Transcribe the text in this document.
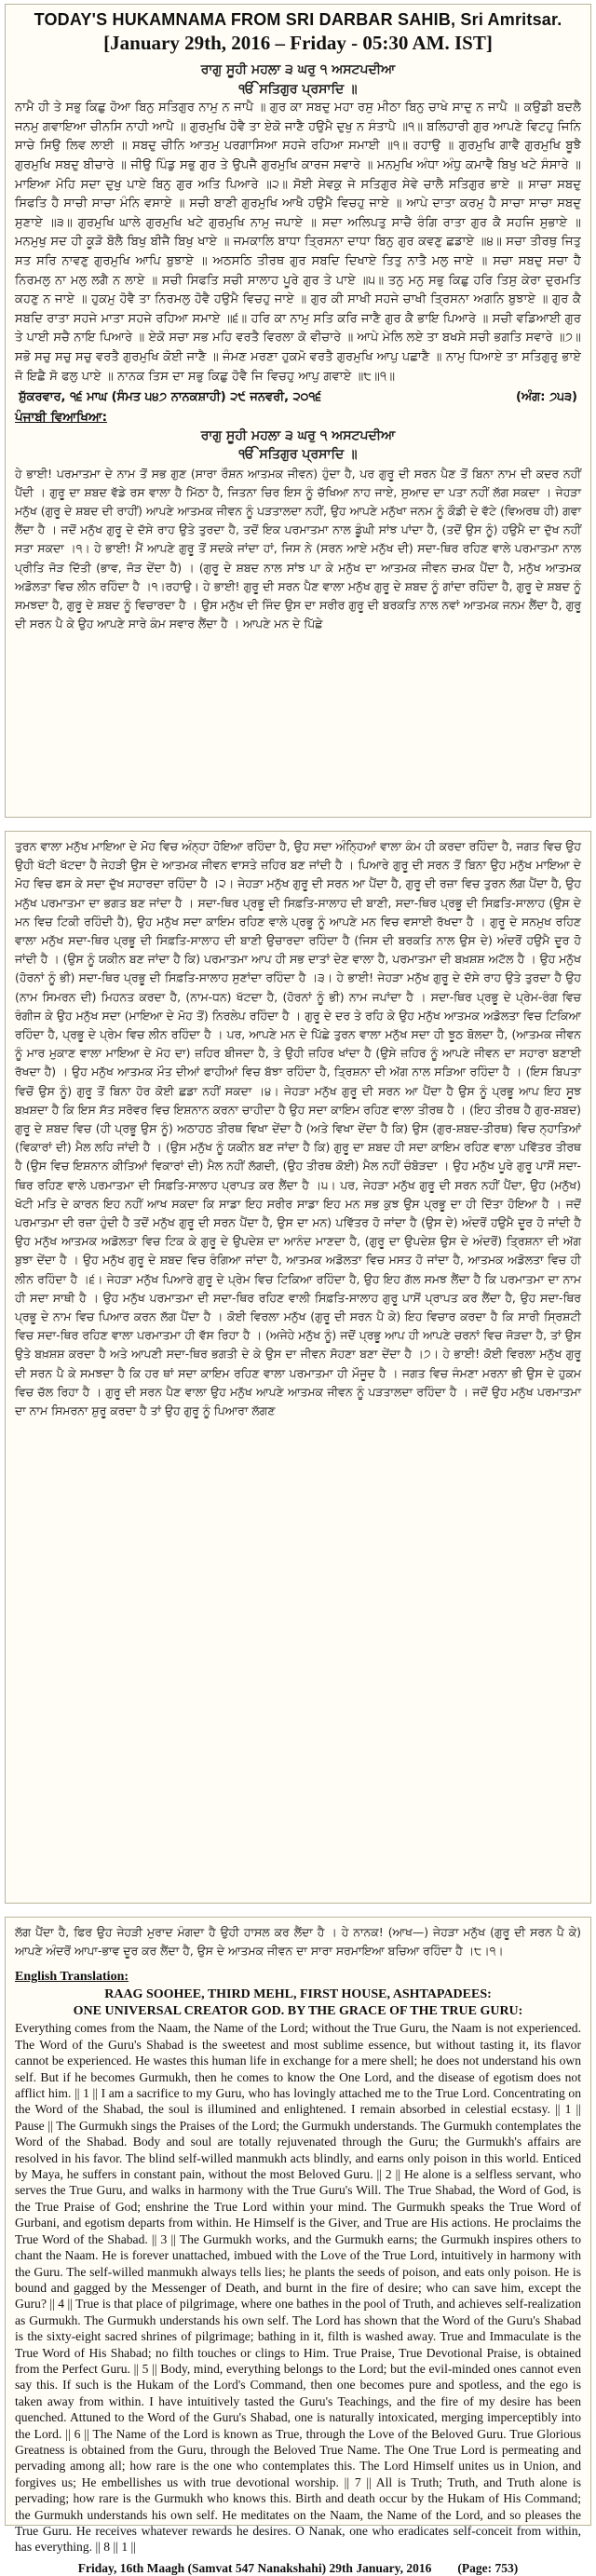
TODAY'S HUKAMNAMA FROM SRI DARBAR SAHIB, Sri Amritsar.
[January 29th, 2016 – Friday - 05:30 AM. IST]
ਰਾਗੁ ਸੂਹੀ ਮਹਲਾ ੩ ਘਰੁ ੧ ਅਸਟਪਦੀਆ
ੴ ਸਤਿਗੁਰ ਪ੍ਰਸਾਦਿ ॥
ਨਾਮੈ ਹੀ ਤੇ ਸਭੁ ਕਿਛੁ ਹੋਆ ਬਿਨੁ ਸਤਿਗੁਰ ਨਾਮੁ ਨ ਜਾਪੈ ॥ ਗੁਰ ਕਾ ਸਬਦੁ ਮਹਾ ਰਸੁ ਮੀਠਾ ਬਿਨੁ ਚਾਖੇ ਸਾਦੁ ਨ ਜਾਪੈ ॥ ਕਉਡੀ ਬਦਲੈ ਜਨਮੁ ਗਵਾਇਆ ਚੀਨਸਿ ਨਾਹੀ ਆਪੈ ॥ ਗੁਰਮੁਖਿ ਹੋਵੈ ਤਾ ਏਕੋ ਜਾਣੈ ਹਉਮੈ ਦੁਖੁ ਨ ਸੰਤਾਪੈ ॥੧॥ ਬਲਿਹਾਰੀ ਗੁਰ ਆਪਣੇ ਵਿਟਹੁ ਜਿਨਿ ਸਾਚੇ ਸਿਉ ਲਿਵ ਲਾਈ ॥ ਸਬਦੁ ਚੀਨਿ ਆਤਮੁ ਪਰਗਾਸਿਆ ਸਹਜੇ ਰਹਿਆ ਸਮਾਈ ॥੧॥ ਰਹਾਉ ॥ ਗੁਰਮੁਖਿ ਗਾਵੈ ਗੁਰਮੁਖਿ ਬੂਝੈ ਗੁਰਮੁਖਿ ਸਬਦੁ ਬੀਚਾਰੇ ॥ ਜੀਉ ਪਿੰਡੁ ਸਭੁ ਗੁਰ ਤੇ ਉਪਜੈ ਗੁਰਮੁਖਿ ਕਾਰਜ ਸਵਾਰੇ ॥ ਮਨਮੁਖਿ ਅੰਧਾ ਅੰਧੁ ਕਮਾਵੈ ਬਿਖੁ ਖਟੇ ਸੰਸਾਰੇ ॥ ਮਾਇਆ ਮੋਹਿ ਸਦਾ ਦੁਖੁ ਪਾਏ ਬਿਨੁ ਗੁਰ ਅਤਿ ਪਿਆਰੇ ॥੨॥ ਸੋਈ ਸੇਵਕੁ ਜੇ ਸਤਿਗੁਰ ਸੇਵੇ ਚਾਲੈ ਸਤਿਗੁਰ ਭਾਏ ॥ ਸਾਚਾ ਸਬਦੁ ਸਿਫਤਿ ਹੈ ਸਾਚੀ ਸਾਚਾ ਮੰਨਿ ਵਸਾਏ ॥ ਸਚੀ ਬਾਣੀ ਗੁਰਮੁਖਿ ਆਖੈ ਹਉਮੈ ਵਿਚਹੁ ਜਾਏ ॥ ਆਪੇ ਦਾਤਾ ਕਰਮੁ ਹੈ ਸਾਚਾ ਸਾਚਾ ਸਬਦੁ ਸੁਣਾਏ ॥੩॥ ਗੁਰਮੁਖਿ ਘਾਲੇ ਗੁਰਮੁਖਿ ਖਟੇ ਗੁਰਮੁਖਿ ਨਾਮੁ ਜਪਾਏ ॥ ਸਦਾ ਅਲਿਪਤੁ ਸਾਚੈ ਰੰਗਿ ਰਾਤਾ ਗੁਰ ਕੈ ਸਹਜਿ ਸੁਭਾਏ ॥ ਮਨਮੁਖੁ ਸਦ ਹੀ ਕੂੜੋ ਬੋਲੈ ਬਿਖੁ ਬੀਜੈ ਬਿਖੁ ਖਾਏ ॥ ਜਮਕਾਲਿ ਬਾਧਾ ਤ੍ਰਿਸਨਾ ਦਾਧਾ ਬਿਨੁ ਗੁਰ ਕਵਣੁ ਛਡਾਏ ॥੪॥ ਸਚਾ ਤੀਰਥੁ ਜਿਤੁ ਸਤ ਸਰਿ ਨਾਵਣੁ ਗੁਰਮੁਖਿ ਆਪਿ ਬੁਝਾਏ ॥ ਅਠਸਠਿ ਤੀਰਥ ਗੁਰ ਸਬਦਿ ਦਿਖਾਏ ਤਿਤੁ ਨਾਤੈ ਮਲੁ ਜਾਏ ॥ ਸਚਾ ਸਬਦੁ ਸਚਾ ਹੈ ਨਿਰਮਲੁ ਨਾ ਮਲੁ ਲਗੈ ਨ ਲਾਏ ॥ ਸਚੀ ਸਿਫਤਿ ਸਚੀ ਸਾਲਾਹ ਪੂਰੇ ਗੁਰ ਤੇ ਪਾਏ ॥੫॥ ਤਨੁ ਮਨੁ ਸਭੁ ਕਿਛੁ ਹਰਿ ਤਿਸੁ ਕੇਰਾ ਦੁਰਮਤਿ ਕਹਣੁ ਨ ਜਾਏ ॥ ਹੁਕਮੁ ਹੋਵੈ ਤਾ ਨਿਰਮਲੁ ਹੋਵੈ ਹਉਮੈ ਵਿਚਹੁ ਜਾਏ ॥ ਗੁਰ ਕੀ ਸਾਖੀ ਸਹਜੇ ਚਾਖੀ ਤ੍ਰਿਸਨਾ ਅਗਨਿ ਬੁਝਾਏ ॥ ਗੁਰ ਕੈ ਸਬਦਿ ਰਾਤਾ ਸਹਜੇ ਮਾਤਾ ਸਹਜੇ ਰਹਿਆ ਸਮਾਏ ॥੬॥ ਹਰਿ ਕਾ ਨਾਮੁ ਸਤਿ ਕਰਿ ਜਾਣੈ ਗੁਰ ਕੈ ਭਾਇ ਪਿਆਰੇ ॥ ਸਚੀ ਵਡਿਆਈ ਗੁਰ ਤੇ ਪਾਈ ਸਚੈ ਨਾਇ ਪਿਆਰੇ ॥ ਏਕੋ ਸਚਾ ਸਭ ਮਹਿ ਵਰਤੈ ਵਿਰਲਾ ਕੋ ਵੀਚਾਰੇ ॥ ਆਪੇ ਮੇਲਿ ਲਏ ਤਾ ਬਖਸੇ ਸਚੀ ਭਗਤਿ ਸਵਾਰੇ ॥੭॥ ਸਭੋ ਸਚੁ ਸਚੁ ਸਚੁ ਵਰਤੈ ਗੁਰਮੁਖਿ ਕੋਈ ਜਾਣੈ ॥ ਜੰਮਣ ਮਰਣਾ ਹੁਕਮੋ ਵਰਤੈ ਗੁਰਮੁਖਿ ਆਪੁ ਪਛਾਣੈ ॥ ਨਾਮੁ ਧਿਆਏ ਤਾ ਸਤਿਗੁਰੁ ਭਾਏ ਜੋ ਇਛੈ ਸੋ ਫਲੁ ਪਾਏ ॥ ਨਾਨਕ ਤਿਸ ਦਾ ਸਭੁ ਕਿਛੁ ਹੋਵੈ ਜਿ ਵਿਚਹੁ ਆਪੁ ਗਵਾਏ ॥੮॥੧॥
ਸ਼ੁੱਕਰਵਾਰ, ੧੬ ਮਾਘ (ਸੰਮਤ ੫੪੭ ਨਾਨਕਸ਼ਾਹੀ) ੨੯ ਜਨਵਰੀ, ੨੦੧੬	(ਅੰਗ: ੭੫੩)
ਪੰਜਾਬੀ ਵਿਆਖਿਆ:
ਰਾਗੁ ਸੂਹੀ ਮਹਲਾ ੩ ਘਰੁ ੧ ਅਸਟਪਦੀਆ
ੴ ਸਤਿਗੁਰ ਪ੍ਰਸਾਦਿ ॥
ਹੇ ਭਾਈ! ਪਰਮਾਤਮਾ ਦੇ ਨਾਮ ਤੋਂ ਸਭ ਗੁਣ (ਸਾਰਾ ਰੌਸ਼ਨ ਆਤਮਕ ਜੀਵਨ) ਹੁੰਦਾ ਹੈ, ਪਰ ਗੁਰੂ ਦੀ ਸਰਨ ਪੈਣ ਤੋਂ ਬਿਨਾ ਨਾਮ ਦੀ ਕਦਰ ਨਹੀਂ ਪੈਂਦੀ । ਗੁਰੂ ਦਾ ਸ਼ਬਦ ਵੱਡੇ ਰਸ ਵਾਲਾ ਹੈ ਮਿੱਠਾ ਹੈ, ਜਿਤਨਾ ਚਿਰ ਇਸ ਨੂੰ ਚੱਖਿਆ ਨਾਹ ਜਾਏ, ਸੁਆਦ ਦਾ ਪਤਾ ਨਹੀਂ ਲੱਗ ਸਕਦਾ । ਜੇਹੜਾ ਮਨੁੱਖ (ਗੁਰੂ ਦੇ ਸ਼ਬਦ ਦੀ ਰਾਹੀਂ) ਆਪਣੇ ਆਤਮਕ ਜੀਵਨ ਨੂੰ ਪੜਤਾਲਦਾ ਨਹੀਂ, ਉਹ ਆਪਣੇ ਮਨੁੱਖਾ ਜਨਮ ਨੂੰ ਕੌਡੀ ਦੇ ਵੱਟੇ (ਵਿਅਰਥ ਹੀ) ਗਵਾ ਲੈਂਦਾ ਹੈ । ਜਦੋਂ ਮਨੁੱਖ ਗੁਰੂ ਦੇ ਦੱਸੇ ਰਾਹ ਉਤੇ ਤੁਰਦਾ ਹੈ, ਤਦੋਂ ਇਕ ਪਰਮਾਤਮਾ ਨਾਲ ਡੂੰਘੀ ਸਾਂਝ ਪਾਂਦਾ ਹੈ, (ਤਦੋਂ ਉਸ ਨੂੰ) ਹਉਮੈ ਦਾ ਦੁੱਖ ਨਹੀਂ ਸਤਾ ਸਕਦਾ ।੧। ਹੇ ਭਾਈ! ਮੈਂ ਆਪਣੇ ਗੁਰੂ ਤੋਂ ਸਦਕੇ ਜਾਂਦਾ ਹਾਂ, ਜਿਸ ਨੇ (ਸਰਨ ਆਏ ਮਨੁੱਖ ਦੀ) ਸਦਾ-ਥਿਰ ਰਹਿਣ ਵਾਲੇ ਪਰਮਾਤਮਾ ਨਾਲ ਪ੍ਰੀਤਿ ਜੋੜ ਦਿੱਤੀ (ਭਾਵ, ਜੋੜ ਦੇਂਦਾ ਹੈ) । (ਗੁਰੂ ਦੇ ਸ਼ਬਦ ਨਾਲ ਸਾਂਝ ਪਾ ਕੇ ਮਨੁੱਖ ਦਾ ਆਤਮਕ ਜੀਵਨ ਚਮਕ ਪੈਂਦਾ ਹੈ, ਮਨੁੱਖ ਆਤਮਕ ਅਡੋਲਤਾ ਵਿਚ ਲੀਨ ਰਹਿੰਦਾ ਹੈ ।੧।ਰਹਾਉ। ਹੇ ਭਾਈ! ਗੁਰੂ ਦੀ ਸਰਨ ਪੈਣ ਵਾਲਾ ਮਨੁੱਖ ਗੁਰੂ ਦੇ ਸ਼ਬਦ ਨੂੰ ਗਾਂਦਾ ਰਹਿੰਦਾ ਹੈ, ਗੁਰੂ ਦੇ ਸ਼ਬਦ ਨੂੰ ਸਮਝਦਾ ਹੈ, ਗੁਰੂ ਦੇ ਸ਼ਬਦ ਨੂੰ ਵਿਚਾਰਦਾ ਹੈ । ਉਸ ਮਨੁੱਖ ਦੀ ਜਿੰਦ ਉਸ ਦਾ ਸਰੀਰ ਗੁਰੂ ਦੀ ਬਰਕਤਿ ਨਾਲ ਨਵਾਂ ਆਤਮਕ ਜਨਮ ਲੈਂਦਾ ਹੈ, ਗੁਰੂ ਦੀ ਸਰਨ ਪੈ ਕੇ ਉਹ ਆਪਣੇ ਸਾਰੇ ਕੰਮ ਸਵਾਰ ਲੈਂਦਾ ਹੈ । ਆਪਣੇ ਮਨ ਦੇ ਪਿੱਛੇ
ਤੁਰਨ ਵਾਲਾ ਮਨੁੱਖ ਮਾਇਆ ਦੇ ਮੋਹ ਵਿਚ ਅੰਨ੍ਹਾ ਹੋਇਆ ਰਹਿੰਦਾ ਹੈ, ਉਹ ਸਦਾ ਅੰਨ੍ਹਿਆਂ ਵਾਲਾ ਕੰਮ ਹੀ ਕਰਦਾ ਰਹਿੰਦਾ ਹੈ, ਜਗਤ ਵਿਚ ਉਹ ਉਹੀ ਖੱਟੀ ਖੱਟਦਾ ਹੈ ਜੇਹੜੀ ਉਸ ਦੇ ਆਤਮਕ ਜੀਵਨ ਵਾਸਤੇ ਜ਼ਹਿਰ ਬਣ ਜਾਂਦੀ ਹੈ । ਪਿਆਰੇ ਗੁਰੂ ਦੀ ਸਰਨ ਤੋਂ ਬਿਨਾ ਉਹ ਮਨੁੱਖ ਮਾਇਆ ਦੇ ਮੋਹ ਵਿਚ ਫਸ ਕੇ ਸਦਾ ਦੁੱਖ ਸਹਾਰਦਾ ਰਹਿੰਦਾ ਹੈ ।੨। ਜੇਹੜਾ ਮਨੁੱਖ ਗੁਰੂ ਦੀ ਸਰਨ ਆ ਪੈਂਦਾ ਹੈ, ਗੁਰੂ ਦੀ ਰਜ਼ਾ ਵਿਚ ਤੁਰਨ ਲੱਗ ਪੈਂਦਾ ਹੈ, ਉਹ ਮਨੁੱਖ ਪਰਮਾਤਮਾ ਦਾ ਭਗਤ ਬਣ ਜਾਂਦਾ ਹੈ । ਸਦਾ-ਥਿਰ ਪ੍ਰਭੂ ਦੀ ਸਿਫ਼ਤਿ-ਸਾਲਾਹ ਦੀ ਬਾਣੀ, ਸਦਾ-ਥਿਰ ਪ੍ਰਭੂ ਦੀ ਸਿਫ਼ਤਿ-ਸਾਲਾਹ (ਉਸ ਦੇ ਮਨ ਵਿਚ ਟਿਕੀ ਰਹਿੰਦੀ ਹੈ), ਉਹ ਮਨੁੱਖ ਸਦਾ ਕਾਇਮ ਰਹਿਣ ਵਾਲੇ ਪ੍ਰਭੂ ਨੂੰ ਆਪਣੇ ਮਨ ਵਿਚ ਵਸਾਈ ਰੱਖਦਾ ਹੈ । ਗੁਰੂ ਦੇ ਸਨਮੁਖ ਰਹਿਣ ਵਾਲਾ ਮਨੁੱਖ ਸਦਾ-ਥਿਰ ਪ੍ਰਭੂ ਦੀ ਸਿਫ਼ਤਿ-ਸਾਲਾਹ ਦੀ ਬਾਣੀ ਉਚਾਰਦਾ ਰਹਿੰਦਾ ਹੈ (ਜਿਸ ਦੀ ਬਰਕਤਿ ਨਾਲ ਉਸ ਦੇ) ਅੰਦਰੋਂ ਹਉਮੈ ਦੂਰ ਹੋ ਜਾਂਦੀ ਹੈ । (ਉਸ ਨੂੰ ਯਕੀਨ ਬਣ ਜਾਂਦਾ ਹੈ ਕਿ) ਪਰਮਾਤਮਾ ਆਪ ਹੀ ਸਭ ਦਾਤਾਂ ਦੇਣ ਵਾਲਾ ਹੈ, ਪਰਮਾਤਮਾ ਦੀ ਬਖ਼ਸ਼ਸ਼ ਅਟੱਲ ਹੈ । ਉਹ ਮਨੁੱਖ (ਹੋਰਨਾਂ ਨੂੰ ਭੀ) ਸਦਾ-ਥਿਰ ਪ੍ਰਭੂ ਦੀ ਸਿਫ਼ਤਿ-ਸਾਲਾਹ ਸੁਣਾਂਦਾ ਰਹਿੰਦਾ ਹੈ ।੩। ਹੇ ਭਾਈ! ਜੇਹੜਾ ਮਨੁੱਖ ਗੁਰੂ ਦੇ ਦੱਸੇ ਰਾਹ ਉਤੇ ਤੁਰਦਾ ਹੈ ਉਹ (ਨਾਮ ਸਿਮਰਨ ਦੀ) ਮਿਹਨਤ ਕਰਦਾ ਹੈ, (ਨਾਮ-ਧਨ) ਖੱਟਦਾ ਹੈ, (ਹੋਰਨਾਂ ਨੂੰ ਭੀ) ਨਾਮ ਜਪਾਂਦਾ ਹੈ । ਸਦਾ-ਥਿਰ ਪ੍ਰਭੂ ਦੇ ਪ੍ਰੇਮ-ਰੰਗ ਵਿਚ ਰੰਗੀਜ ਕੇ ਉਹ ਮਨੁੱਖ ਸਦਾ (ਮਾਇਆ ਦੇ ਮੋਹ ਤੋਂ) ਨਿਰਲੇਪ ਰਹਿੰਦਾ ਹੈ । ਗੁਰੂ ਦੇ ਦਰ ਤੇ ਰਹਿ ਕੇ ਉਹ ਮਨੁੱਖ ਆਤਮਕ ਅਡੋਲਤਾ ਵਿਚ ਟਿਕਿਆ ਰਹਿੰਦਾ ਹੈ, ਪ੍ਰਭੂ ਦੇ ਪ੍ਰੇਮ ਵਿਚ ਲੀਨ ਰਹਿੰਦਾ ਹੈ । ਪਰ, ਆਪਣੇ ਮਨ ਦੇ ਪਿੱਛੇ ਤੁਰਨ ਵਾਲਾ ਮਨੁੱਖ ਸਦਾ ਹੀ ਝੂਠ ਬੋਲਦਾ ਹੈ, (ਆਤਮਕ ਜੀਵਨ ਨੂੰ ਮਾਰ ਮੁਕਾਣ ਵਾਲਾ ਮਾਇਆ ਦੇ ਮੋਹ ਦਾ) ਜ਼ਹਿਰ ਬੀਜਦਾ ਹੈ, ਤੇ ਉਹੀ ਜ਼ਹਿਰ ਖਾਂਦਾ ਹੈ (ਉਸੇ ਜ਼ਹਿਰ ਨੂੰ ਆਪਣੇ ਜੀਵਨ ਦਾ ਸਹਾਰਾ ਬਣਾਈ ਰੱਖਦਾ ਹੈ) । ਉਹ ਮਨੁੱਖ ਆਤਮਕ ਮੌਤ ਦੀਆਂ ਫਾਹੀਆਂ ਵਿਚ ਬੱਝਾ ਰਹਿੰਦਾ ਹੈ, ਤ੍ਰਿਸ਼ਨਾ ਦੀ ਅੱਗ ਨਾਲ ਸੜਿਆ ਰਹਿੰਦਾ ਹੈ । (ਇਸ ਬਿਪਤਾ ਵਿਚੋਂ ਉਸ ਨੂੰ) ਗੁਰੂ ਤੋਂ ਬਿਨਾ ਹੋਰ ਕੋਈ ਛਡਾ ਨਹੀਂ ਸਕਦਾ ।੪। ਜੇਹੜਾ ਮਨੁੱਖ ਗੁਰੂ ਦੀ ਸਰਨ ਆ ਪੈਂਦਾ ਹੈ ਉਸ ਨੂੰ ਪ੍ਰਭੂ ਆਪ ਇਹ ਸੂਝ ਬਖ਼ਸ਼ਦਾ ਹੈ ਕਿ ਇਸ ਸੱਤ ਸਰੋਵਰ ਵਿਚ ਇਸ਼ਨਾਨ ਕਰਨਾ ਚਾਹੀਦਾ ਹੈ ਉਹ ਸਦਾ ਕਾਇਮ ਰਹਿਣ ਵਾਲਾ ਤੀਰਥ ਹੈ । (ਇਹ ਤੀਰਥ ਹੈ ਗੁਰ-ਸ਼ਬਦ) ਗੁਰੂ ਦੇ ਸ਼ਬਦ ਵਿਚ (ਹੀ ਪ੍ਰਭੂ ਉਸ ਨੂੰ) ਅਠਾਹਠ ਤੀਰਥ ਵਿਖਾ ਦੇਂਦਾ ਹੈ (ਅਤੇ ਵਿਖਾ ਦੇਂਦਾ ਹੈ ਕਿ) ਉਸ (ਗੁਰ-ਸ਼ਬਦ-ਤੀਰਥ) ਵਿਚ ਨ੍ਹਾਤਿਆਂ (ਵਿਕਾਰਾਂ ਦੀ) ਮੈਲ ਲਹਿ ਜਾਂਦੀ ਹੈ । (ਉਸ ਮਨੁੱਖ ਨੂੰ ਯਕੀਨ ਬਣ ਜਾਂਦਾ ਹੈ ਕਿ) ਗੁਰੂ ਦਾ ਸ਼ਬਦ ਹੀ ਸਦਾ ਕਾਇਮ ਰਹਿਣ ਵਾਲਾ ਪਵਿੱਤਰ ਤੀਰਥ ਹੈ (ਉਸ ਵਿਚ ਇਸ਼ਨਾਨ ਕੀਤਿਆਂ ਵਿਕਾਰਾਂ ਦੀ) ਮੈਲ ਨਹੀਂ ਲੱਗਦੀ, (ਉਹ ਤੀਰਥ ਕੋਈ) ਮੈਲ ਨਹੀਂ ਚੰਬੋੜਦਾ । ਉਹ ਮਨੁੱਖ ਪੂਰੇ ਗੁਰੂ ਪਾਸੋਂ ਸਦਾ-ਥਿਰ ਰਹਿਣ ਵਾਲੇ ਪਰਮਾਤਮਾ ਦੀ ਸਿਫ਼ਤਿ-ਸਾਲਾਹ ਪ੍ਰਾਪਤ ਕਰ ਲੈਂਦਾ ਹੈ ।੫। ਪਰ, ਜੇਹੜਾ ਮਨੁੱਖ ਗੁਰੂ ਦੀ ਸਰਨ ਨਹੀਂ ਪੈਂਦਾ, ਉਹ (ਮਨੁੱਖ) ਖੋਟੀ ਮਤਿ ਦੇ ਕਾਰਨ ਇਹ ਨਹੀਂ ਆਖ ਸਕਦਾ ਕਿ ਸਾਡਾ ਇਹ ਸਰੀਰ ਸਾਡਾ ਇਹ ਮਨ ਸਭ ਕੁਝ ਉਸ ਪ੍ਰਭੂ ਦਾ ਹੀ ਦਿੱਤਾ ਹੋਇਆ ਹੈ । ਜਦੋਂ ਪਰਮਾਤਮਾ ਦੀ ਰਜ਼ਾ ਹੁੰਦੀ ਹੈ ਤਦੋਂ ਮਨੁੱਖ ਗੁਰੂ ਦੀ ਸਰਨ ਪੈਂਦਾ ਹੈ, ਉਸ ਦਾ ਮਨ) ਪਵਿੱਤਰ ਹੋ ਜਾਂਦਾ ਹੈ (ਉਸ ਦੇ) ਅੰਦਰੋਂ ਹਉਮੈ ਦੂਰ ਹੋ ਜਾਂਦੀ ਹੈ ਉਹ ਮਨੁੱਖ ਆਤਮਕ ਅਡੋਲਤਾ ਵਿਚ ਟਿਕ ਕੇ ਗੁਰੂ ਦੇ ਉਪਦੇਸ਼ ਦਾ ਆਨੰਦ ਮਾਣਦਾ ਹੈ, (ਗੁਰੂ ਦਾ ਉਪਦੇਸ਼ ਉਸ ਦੇ ਅੰਦਰੋਂ) ਤ੍ਰਿਸ਼ਨਾ ਦੀ ਅੱਗ ਬੁਝਾ ਦੇਂਦਾ ਹੈ । ਉਹ ਮਨੁੱਖ ਗੁਰੂ ਦੇ ਸ਼ਬਦ ਵਿਚ ਰੰਗਿਆ ਜਾਂਦਾ ਹੈ, ਆਤਮਕ ਅਡੋਲਤਾ ਵਿਚ ਮਸਤ ਹੋ ਜਾਂਦਾ ਹੈ, ਆਤਮਕ ਅਡੋਲਤਾ ਵਿਚ ਹੀ ਲੀਨ ਰਹਿੰਦਾ ਹੈ ।੬। ਜੇਹੜਾ ਮਨੁੱਖ ਪਿਆਰੇ ਗੁਰੂ ਦੇ ਪ੍ਰੇਮ ਵਿਚ ਟਿਕਿਆ ਰਹਿੰਦਾ ਹੈ, ਉਹ ਇਹ ਗੱਲ ਸਮਝ ਲੈਂਦਾ ਹੈ ਕਿ ਪਰਮਾਤਮਾ ਦਾ ਨਾਮ ਹੀ ਸਦਾ ਸਾਥੀ ਹੈ । ਉਹ ਮਨੁੱਖ ਪਰਮਾਤਮਾ ਦੀ ਸਦਾ-ਥਿਰ ਰਹਿਣ ਵਾਲੀ ਸਿਫ਼ਤਿ-ਸਾਲਾਹ ਗੁਰੂ ਪਾਸੋਂ ਪ੍ਰਾਪਤ ਕਰ ਲੈਂਦਾ ਹੈ, ਉਹ ਸਦਾ-ਥਿਰ ਪ੍ਰਭੂ ਦੇ ਨਾਮ ਵਿਚ ਪਿਆਰ ਕਰਨ ਲੱਗ ਪੈਂਦਾ ਹੈ । ਕੋਈ ਵਿਰਲਾ ਮਨੁੱਖ (ਗੁਰੂ ਦੀ ਸਰਨ ਪੈ ਕੇ) ਇਹ ਵਿਚਾਰ ਕਰਦਾ ਹੈ ਕਿ ਸਾਰੀ ਸ੍ਰਿਸ਼ਟੀ ਵਿਚ ਸਦਾ-ਥਿਰ ਰਹਿਣ ਵਾਲਾ ਪਰਮਾਤਮਾ ਹੀ ਵੱਸ ਰਿਹਾ ਹੈ । (ਅਜੇਹੇ ਮਨੁੱਖ ਨੂੰ) ਜਦੋਂ ਪ੍ਰਭੂ ਆਪ ਹੀ ਆਪਣੇ ਚਰਨਾਂ ਵਿਚ ਜੋੜਦਾ ਹੈ, ਤਾਂ ਉਸ ਉਤੇ ਬਖ਼ਸ਼ਸ਼ ਕਰਦਾ ਹੈ ਅਤੇ ਆਪਣੀ ਸਦਾ-ਥਿਰ ਭਗਤੀ ਦੇ ਕੇ ਉਸ ਦਾ ਜੀਵਨ ਸੋਹਣਾ ਬਣਾ ਦੇਂਦਾ ਹੈ ।੭। ਹੇ ਭਾਈ! ਕੋਈ ਵਿਰਲਾ ਮਨੁੱਖ ਗੁਰੂ ਦੀ ਸਰਨ ਪੈ ਕੇ ਸਮਝਦਾ ਹੈ ਕਿ ਹਰ ਥਾਂ ਸਦਾ ਕਾਇਮ ਰਹਿਣ ਵਾਲਾ ਪਰਮਾਤਮਾ ਹੀ ਮੌਜੂਦ ਹੈ । ਜਗਤ ਵਿਚ ਜੰਮਣਾ ਮਰਨਾ ਭੀ ਉਸ ਦੇ ਹੁਕਮ ਵਿਚ ਚੱਲ ਰਿਹਾ ਹੈ । ਗੁਰੂ ਦੀ ਸਰਨ ਪੈਣ ਵਾਲਾ ਉਹ ਮਨੁੱਖ ਆਪਣੇ ਆਤਮਕ ਜੀਵਨ ਨੂੰ ਪੜਤਾਲਦਾ ਰਹਿੰਦਾ ਹੈ । ਜਦੋਂ ਉਹ ਮਨੁੱਖ ਪਰਮਾਤਮਾ ਦਾ ਨਾਮ ਸਿਮਰਨਾ ਸ਼ੁਰੂ ਕਰਦਾ ਹੈ ਤਾਂ ਉਹ ਗੁਰੂ ਨੂੰ ਪਿਆਰਾ ਲੱਗਣ
ਲੱਗ ਪੈਂਦਾ ਹੈ, ਫਿਰ ਉਹ ਜੇਹੜੀ ਮੁਰਾਦ ਮੰਗਦਾ ਹੈ ਉਹੀ ਹਾਸਲ ਕਰ ਲੈਂਦਾ ਹੈ । ਹੇ ਨਾਨਕ! (ਆਖ—) ਜੇਹੜਾ ਮਨੁੱਖ (ਗੁਰੂ ਦੀ ਸਰਨ ਪੈ ਕੇ) ਆਪਣੇ ਅੰਦਰੋਂ ਆਪਾ-ਭਾਵ ਦੂਰ ਕਰ ਲੈਂਦਾ ਹੈ, ਉਸ ਦੇ ਆਤਮਕ ਜੀਵਨ ਦਾ ਸਾਰਾ ਸਰਮਾਇਆ ਬਚਿਆ ਰਹਿੰਦਾ ਹੈ ।੮।੧।
English Translation:
RAAG SOOHEE, THIRD MEHL, FIRST HOUSE, ASHTAPADEES:
ONE UNIVERSAL CREATOR GOD. BY THE GRACE OF THE TRUE GURU:
Everything comes from the Naam, the Name of the Lord; without the True Guru, the Naam is not experienced. The Word of the Guru's Shabad is the sweetest and most sublime essence, but without tasting it, its flavor cannot be experienced. He wastes this human life in exchange for a mere shell; he does not understand his own self. But if he becomes Gurmukh, then he comes to know the One Lord, and the disease of egotism does not afflict him. || 1 || I am a sacrifice to my Guru, who has lovingly attached me to the True Lord. Concentrating on the Word of the Shabad, the soul is illumined and enlightened. I remain absorbed in celestial ecstasy. || 1 || Pause || The Gurmukh sings the Praises of the Lord; the Gurmukh understands. The Gurmukh contemplates the Word of the Shabad. Body and soul are totally rejuvenated through the Guru; the Gurmukh's affairs are resolved in his favor. The blind self-willed manmukh acts blindly, and earns only poison in this world. Enticed by Maya, he suffers in constant pain, without the most Beloved Guru. || 2 || He alone is a selfless servant, who serves the True Guru, and walks in harmony with the True Guru's Will. The True Shabad, the Word of God, is the True Praise of God; enshrine the True Lord within your mind. The Gurmukh speaks the True Word of Gurbani, and egotism departs from within. He Himself is the Giver, and True are His actions. He proclaims the True Word of the Shabad. || 3 || The Gurmukh works, and the Gurmukh earns; the Gurmukh inspires others to chant the Naam. He is forever unattached, imbued with the Love of the True Lord, intuitively in harmony with the Guru. The self-willed manmukh always tells lies; he plants the seeds of poison, and eats only poison. He is bound and gagged by the Messenger of Death, and burnt in the fire of desire; who can save him, except the Guru? || 4 || True is that place of pilgrimage, where one bathes in the pool of Truth, and achieves self-realization as Gurmukh. The Gurmukh understands his own self. The Lord has shown that the Word of the Guru's Shabad is the sixty-eight sacred shrines of pilgrimage; bathing in it, filth is washed away. True and Immaculate is the True Word of His Shabad; no filth touches or clings to Him. True Praise, True Devotional Praise, is obtained from the Perfect Guru. || 5 || Body, mind, everything belongs to the Lord; but the evil-minded ones cannot even say this. If such is the Hukam of the Lord's Command, then one becomes pure and spotless, and the ego is taken away from within. I have intuitively tasted the Guru's Teachings, and the fire of my desire has been quenched. Attuned to the Word of the Guru's Shabad, one is naturally intoxicated, merging imperceptibly into the Lord. || 6 || The Name of the Lord is known as True, through the Love of the Beloved Guru. True Glorious Greatness is obtained from the Guru, through the Beloved True Name. The One True Lord is permeating and pervading among all; how rare is the one who contemplates this. The Lord Himself unites us in Union, and forgives us; He embellishes us with true devotional worship. || 7 || All is Truth; Truth, and Truth alone is pervading; how rare is the Gurmukh who knows this. Birth and death occur by the Hukam of His Command; the Gurmukh understands his own self. He meditates on the Naam, the Name of the Lord, and so pleases the True Guru. He receives whatever rewards he desires. O Nanak, one who eradicates self-conceit from within, has everything. || 8 || 1 ||
Friday, 16th Maagh (Samvat 547 Nanakshahi) 29th January, 2016 (Page: 753)
